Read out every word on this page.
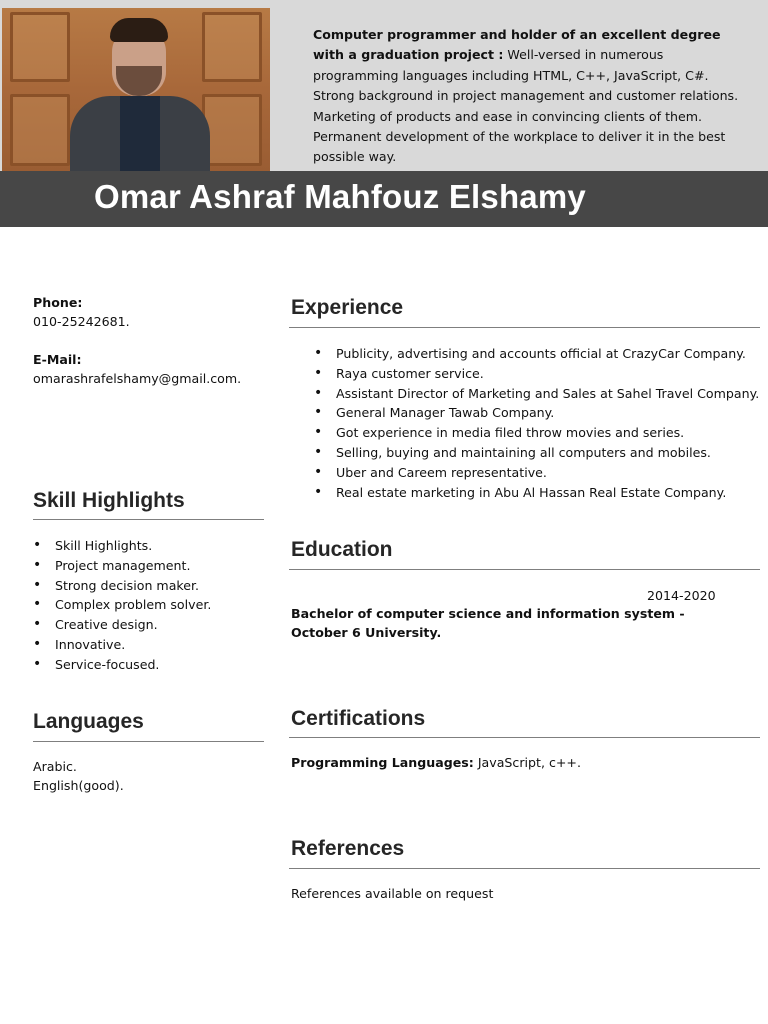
Computer programmer and holder of an excellent degree with a graduation project : Well-versed in numerous programming languages including HTML, C++, JavaScript, C#. Strong background in project management and customer relations. Marketing of products and ease in convincing clients of them. Permanent development of the workplace to deliver it in the best possible way.
Omar Ashraf Mahfouz Elshamy
Phone:
010-25242681.
E-Mail:
omarashrafelshamy@gmail.com.
Skill Highlights
• Skill Highlights.
• Project management.
• Strong decision maker.
• Complex problem solver.
• Creative design.
• Innovative.
• Service-focused.
Languages
Arabic.
English(good).
Experience
• Publicity, advertising and accounts official at CrazyCar Company.
• Raya customer service.
• Assistant Director of Marketing and Sales at Sahel Travel Company.
• General Manager Tawab Company.
• Got experience in media filed throw movies and series.
• Selling, buying and maintaining all computers and mobiles.
• Uber and Careem representative.
• Real estate marketing in Abu Al Hassan Real Estate Company.
Education
2014-2020
Bachelor of computer science and information system -
October 6 University.
Certifications
Programming Languages: JavaScript, c++.
References
References available on request
